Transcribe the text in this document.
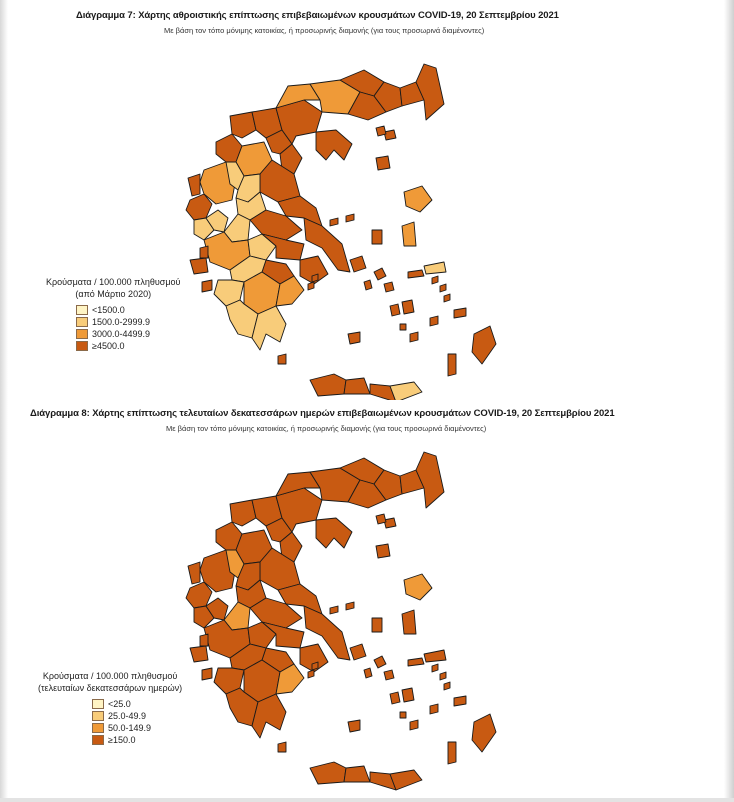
Διάγραμμα 7: Χάρτης αθροιστικής επίπτωσης επιβεβαιωμένων κρουσμάτων COVID-19, 20 Σεπτεμβρίου 2021
Με βάση τον τόπο μόνιμης κατοικίας, ή προσωρινής διαμονής (για τους προσωρινά διαμένοντες)
Κρούσματα / 100.000 πληθυσμού
(από Μάρτιο 2020)
<1500.0
1500.0-2999.9
3000.0-4499.9
≥4500.0
Διάγραμμα 8: Χάρτης επίπτωσης τελευταίων δεκατεσσάρων ημερών επιβεβαιωμένων κρουσμάτων COVID-19, 20 Σεπτεμβρίου 2021
Με βάση τον τόπο μόνιμης κατοικίας, ή προσωρινής διαμονής (για τους προσωρινά διαμένοντες)
Κρούσματα / 100.000 πληθυσμού
(τελευταίων δεκατεσσάρων ημερών)
<25.0
25.0-49.9
50.0-149.9
≥150.0
